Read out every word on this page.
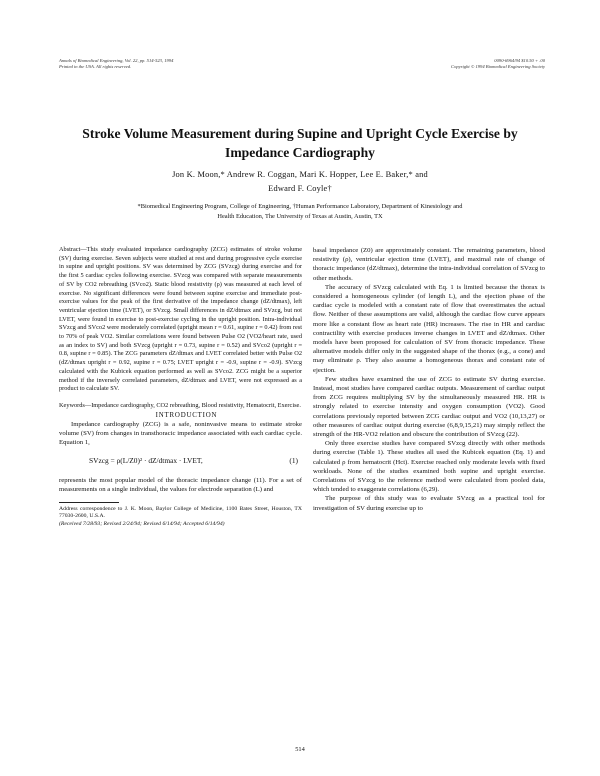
Annals of Biomedical Engineering, Vol. 22, pp. 514-523, 1994
Printed in the USA. All rights reserved.
0090-6964/94 $10.50 + .00
Copyright © 1994 Biomedical Engineering Society
Stroke Volume Measurement during Supine and Upright Cycle Exercise by Impedance Cardiography
Jon K. Moon,* Andrew R. Coggan, Mari K. Hopper, Lee E. Baker,* and
Edward F. Coyle†
*Biomedical Engineering Program, College of Engineering, †Human Performance Laboratory, Department of Kinesiology and
Health Education, The University of Texas at Austin, Austin, TX

Abstract—This study evaluated impedance cardiography (ZCG) estimates of stroke volume (SV) during exercise. Seven subjects were studied at rest and during progressive cycle exercise in supine and upright positions. SV was determined by ZCG (SVzcg) during exercise and for the first 5 cardiac cycles following exercise. SVzcg was compared with separate measurements of SV by CO2 rebreathing (SVco2). Static blood resistivity (ρ) was measured at each level of exercise. No significant differences were found between supine exercise and immediate post-exercise values for the peak of the first derivative of the impedance change (dZ/dtmax), left ventricular ejection time (LVET), or SVzcg. Small differences in dZ/dtmax and SVzcg, but not LVET, were found in exercise to post-exercise cycling in the upright position. Intra-individual SVzcg and SVco2 were moderately correlated (upright mean r = 0.61, supine r = 0.42) from rest to 70% of peak VO2. Similar correlations were found between Pulse O2 (VO2/heart rate, used as an index to SV) and both SVzcg (upright r = 0.73, supine r = 0.52) and SVco2 (upright r = 0.8, supine r = 0.85). The ZCG parameters dZ/dtmax and LVET correlated better with Pulse O2 (dZ/dtmax upright r = 0.92, supine r = 0.75; LVET upright r = -0.9, supine r = -0.9). SVzcg calculated with the Kubicek equation performed as well as SVco2. ZCG might be a superior method if the inversely correlated parameters, dZ/dtmax and LVET, were not expressed as a product to calculate SV.

Keywords—Impedance cardiography, CO2 rebreathing, Blood resistivity, Hematocrit, Exercise.

INTRODUCTION

Impedance cardiography (ZCG) is a safe, noninvasive means to estimate stroke volume (SV) from changes in transthoracic impedance associated with each cardiac cycle. Equation 1,

SVzcg = ρ(L/Z0)² · dZ/dtmax · LVET,	(1)

represents the most popular model of the thoracic impedance change (11). For a set of measurements on a single individual, the values for electrode separation (L) and

Address correspondence to J. K. Moon, Baylor College of Medicine, 1100 Bates Street, Houston, TX 77030-2600, U.S.A.

(Received 7/28/93; Revised 2/24/94; Revised 6/14/94; Accepted 6/14/94)

basal impedance (Z0) are approximately constant. The remaining parameters, blood resistivity (ρ), ventricular ejection time (LVET), and maximal rate of change of thoracic impedance (dZ/dtmax), determine the intra-individual correlation of SVzcg to other methods.

The accuracy of SVzcg calculated with Eq. 1 is limited because the thorax is considered a homogeneous cylinder (of length L), and the ejection phase of the cardiac cycle is modeled with a constant rate of flow that overestimates the actual flow. Neither of these assumptions are valid, although the cardiac flow curve appears more like a constant flow as heart rate (HR) increases. The rise in HR and cardiac contractility with exercise produces inverse changes in LVET and dZ/dtmax. Other models have been proposed for calculation of SV from thoracic impedance. These alternative models differ only in the suggested shape of the thorax (e.g., a cone) and may eliminate ρ. They also assume a homogeneous thorax and constant rate of ejection.

Few studies have examined the use of ZCG to estimate SV during exercise. Instead, most studies have compared cardiac outputs. Measurement of cardiac output from ZCG requires multiplying SV by the simultaneously measured HR. HR is strongly related to exercise intensity and oxygen consumption (VO2). Good correlations previously reported between ZCG cardiac output and VO2 (10,13,27) or other measures of cardiac output during exercise (6,8,9,15,21) may simply reflect the strength of the HR-VO2 relation and obscure the contribution of SVzcg (22).

Only three exercise studies have compared SVzcg directly with other methods during exercise (Table 1). These studies all used the Kubicek equation (Eq. 1) and calculated ρ from hematocrit (Hct). Exercise reached only moderate levels with fixed workloads. None of the studies examined both supine and upright exercise. Correlations of SVzcg to the reference method were calculated from pooled data, which tended to exaggerate correlations (6,29).

The purpose of this study was to evaluate SVzcg as a practical tool for investigation of SV during exercise up to

514
